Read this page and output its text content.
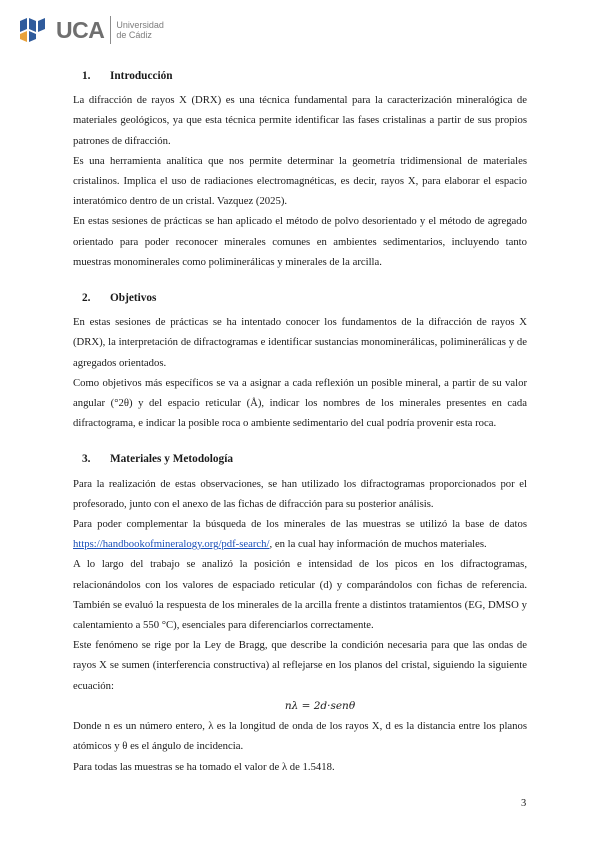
UCA Universidad
de Cádiz
1.	Introducción

La difracción de rayos X (DRX) es una técnica fundamental para la caracterización mineralógica de materiales geológicos, ya que esta técnica permite identificar las fases cristalinas a partir de sus propios patrones de difracción.

Es una herramienta analítica que nos permite determinar la geometría tridimensional de materiales cristalinos. Implica el uso de radiaciones electromagnéticas, es decir, rayos X, para elaborar el espacio interatómico dentro de un cristal. Vazquez (2025).

En estas sesiones de prácticas se han aplicado el método de polvo desorientado y el método de agregado orientado para poder reconocer minerales comunes en ambientes sedimentarios, incluyendo tanto muestras monominerales como poliminerálicas y minerales de la arcilla.

2.	Objetivos

En estas sesiones de prácticas se ha intentado conocer los fundamentos de la difracción de rayos X (DRX), la interpretación de difractogramas e identificar sustancias monominerálicas, poliminerálicas y de agregados orientados.

Como objetivos más específicos se va a asignar a cada reflexión un posible mineral, a partir de su valor angular (°2θ) y del espacio reticular (Å), indicar los nombres de los minerales presentes en cada difractograma, e indicar la posible roca o ambiente sedimentario del cual podría provenir esta roca.

3.	Materiales y Metodología

Para la realización de estas observaciones, se han utilizado los difractogramas proporcionados por el profesorado, junto con el anexo de las fichas de difracción para su posterior análisis.

Para poder complementar la búsqueda de los minerales de las muestras se utilizó la base de datos https://handbookofmineralogy.org/pdf-search/, en la cual hay información de muchos materiales.

A lo largo del trabajo se analizó la posición e intensidad de los picos en los difractogramas, relacionándolos con los valores de espaciado reticular (d) y comparándolos con fichas de referencia. También se evaluó la respuesta de los minerales de la arcilla frente a distintos tratamientos (EG, DMSO y calentamiento a 550 °C), esenciales para diferenciarlos correctamente.

Este fenómeno se rige por la Ley de Bragg, que describe la condición necesaria para que las ondas de rayos X se sumen (interferencia constructiva) al reflejarse en los planos del cristal, siguiendo la siguiente ecuación:

nλ = 2d·senθ

Donde n es un número entero, λ es la longitud de onda de los rayos X, d es la distancia entre los planos atómicos y θ es el ángulo de incidencia.

Para todas las muestras se ha tomado el valor de λ de 1.5418.

3
